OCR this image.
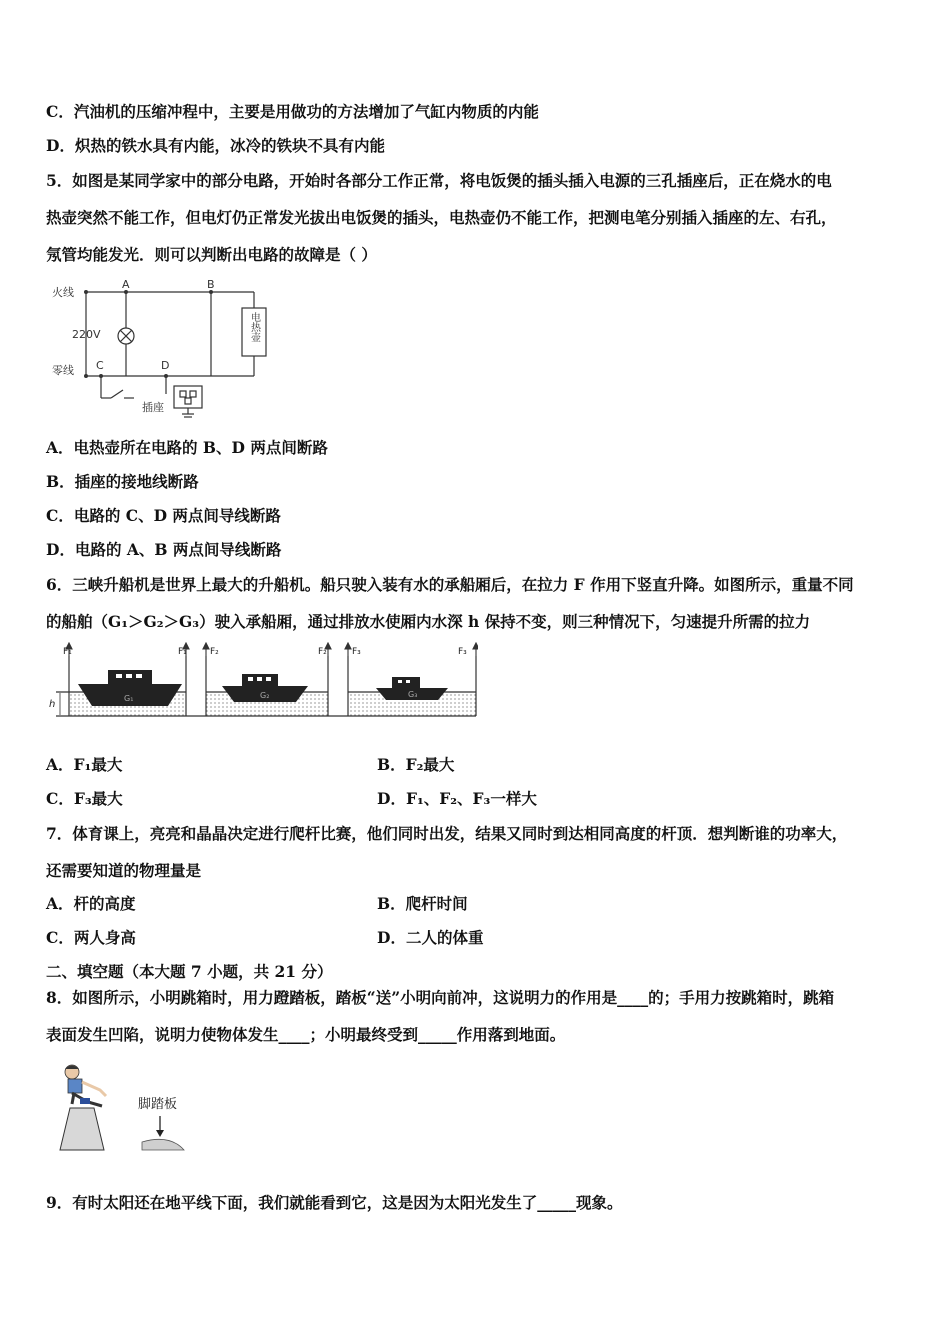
C．汽油机的压缩冲程中，主要是用做功的方法增加了气缸内物质的内能
D．炽热的铁水具有内能，冰冷的铁块不具有内能
5．如图是某同学家中的部分电路，开始时各部分工作正常，将电饭煲的插头插入电源的三孔插座后，正在烧水的电
热壶突然不能工作，但电灯仍正常发光拔出电饭煲的插头，电热壶仍不能工作，把测电笔分别插入插座的左、右孔，
氖管均能发光．则可以判断出电路的故障是（ ）
火线
零线
220V
A	B
C	D
电热壶
插座
A．电热壶所在电路的 B、D 两点间断路
B．插座的接地线断路
C．电路的 C、D 两点间导线断路
D．电路的 A、B 两点间导线断路
6．三峡升船机是世界上最大的升船机。船只驶入装有水的承船厢后，在拉力 F 作用下竖直升降。如图所示，重量不同
的船舶（G₁＞G₂＞G₃）驶入承船厢，通过排放水使厢内水深 h 保持不变，则三种情况下，匀速提升所需的拉力
G₁	G₂	G₃
F₁	F₁	F₂	F₂	F₃	F₃
h
A．F₁最大	B．F₂最大
C．F₃最大	D．F₁、F₂、F₃一样大
7．体育课上，亮亮和晶晶决定进行爬杆比赛，他们同时出发，结果又同时到达相同高度的杆顶．想判断谁的功率大，
还需要知道的物理量是
A．杆的高度	B．爬杆时间
C．两人身高	D．二人的体重
二、填空题（本大题 7 小题，共 21 分）
8．如图所示，小明跳箱时，用力蹬踏板，踏板“送”小明向前冲，这说明力的作用是____的；手用力按跳箱时，跳箱
表面发生凹陷，说明力使物体发生____；小明最终受到_____作用落到地面。
脚踏板
9．有时太阳还在地平线下面，我们就能看到它，这是因为太阳光发生了_____现象。
